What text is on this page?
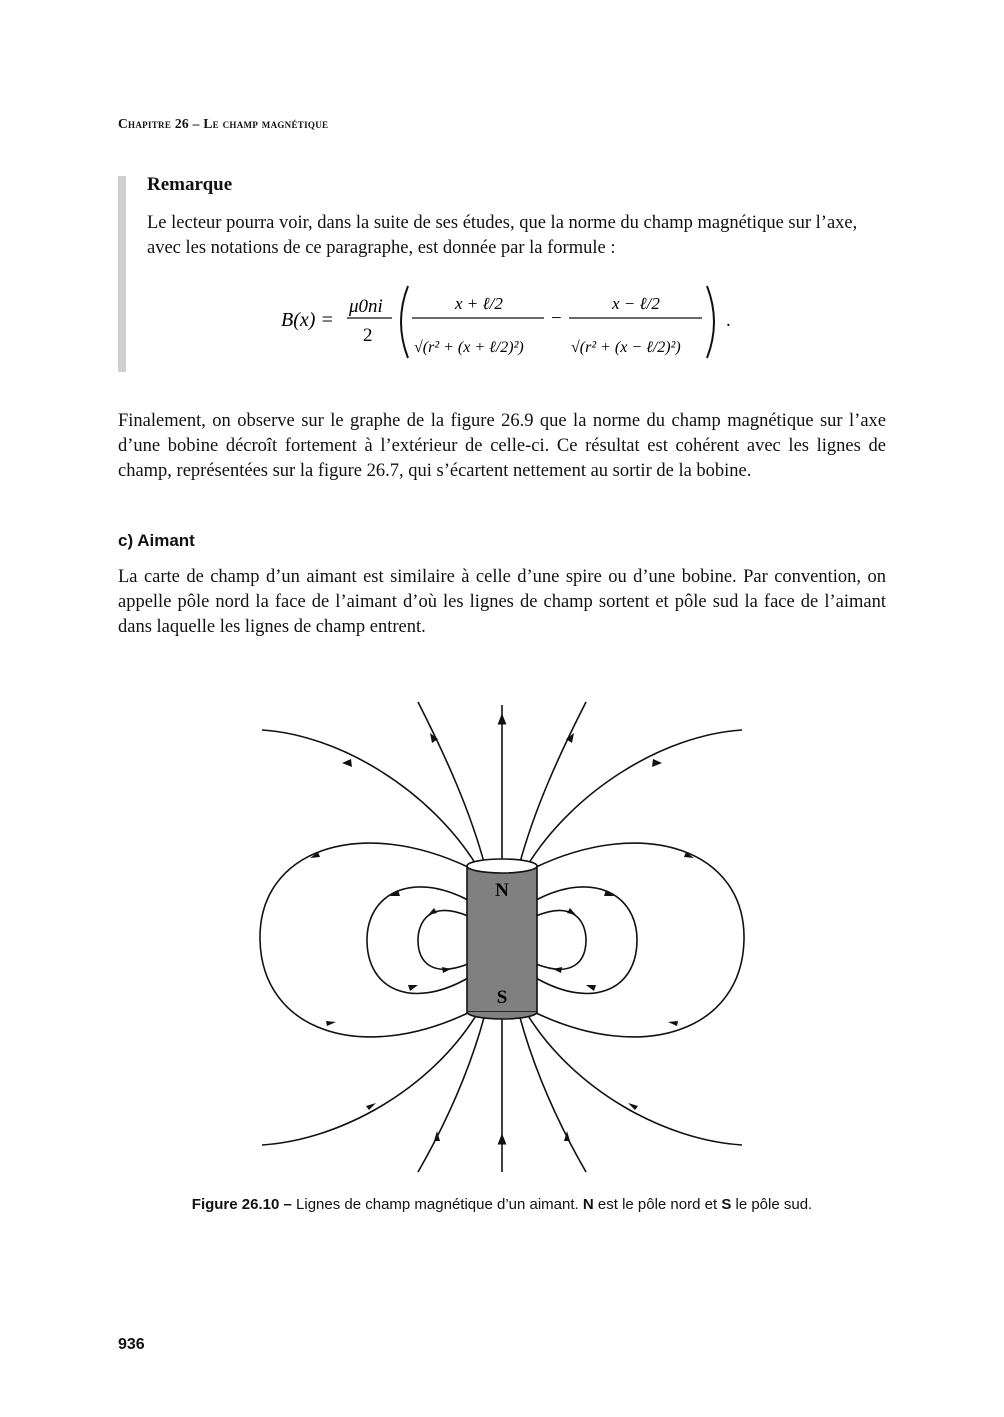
Chapitre 26 – Le champ magnétique
Remarque
Le lecteur pourra voir, dans la suite de ses études, que la norme du champ magnétique sur l’axe, avec les notations de ce paragraphe, est donnée par la formule :
B(x) =
μ0ni
2
x + ℓ/2
√(r² + (x + ℓ/2)²)
−
x − ℓ/2
√(r² + (x − ℓ/2)²)
.
Finalement, on observe sur le graphe de la figure 26.9 que la norme du champ magnétique sur l’axe d’une bobine décroît fortement à l’extérieur de celle-ci. Ce résultat est cohérent avec les lignes de champ, représentées sur la figure 26.7, qui s’écartent nettement au sortir de la bobine.
c) Aimant
La carte de champ d’un aimant est similaire à celle d’une spire ou d’une bobine. Par convention, on appelle pôle nord la face de l’aimant d’où les lignes de champ sortent et pôle sud la face de l’aimant dans laquelle les lignes de champ entrent.
N
S
Figure 26.10 – Lignes de champ magnétique d’un aimant. N est le pôle nord et S le pôle sud.
936
